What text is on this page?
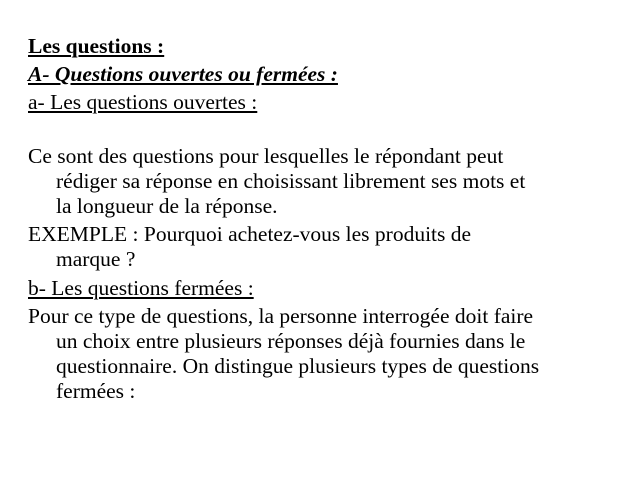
Les questions :
A- Questions ouvertes ou fermées :
a- Les questions ouvertes :
Ce sont des questions pour lesquelles le répondant peut
rédiger sa réponse en choisissant librement ses mots et
la longueur de la réponse.
EXEMPLE : Pourquoi achetez-vous les produits de
marque ?
b- Les questions fermées :
Pour ce type de questions, la personne interrogée doit faire
un choix entre plusieurs réponses déjà fournies dans le
questionnaire. On distingue plusieurs types de questions
fermées :
